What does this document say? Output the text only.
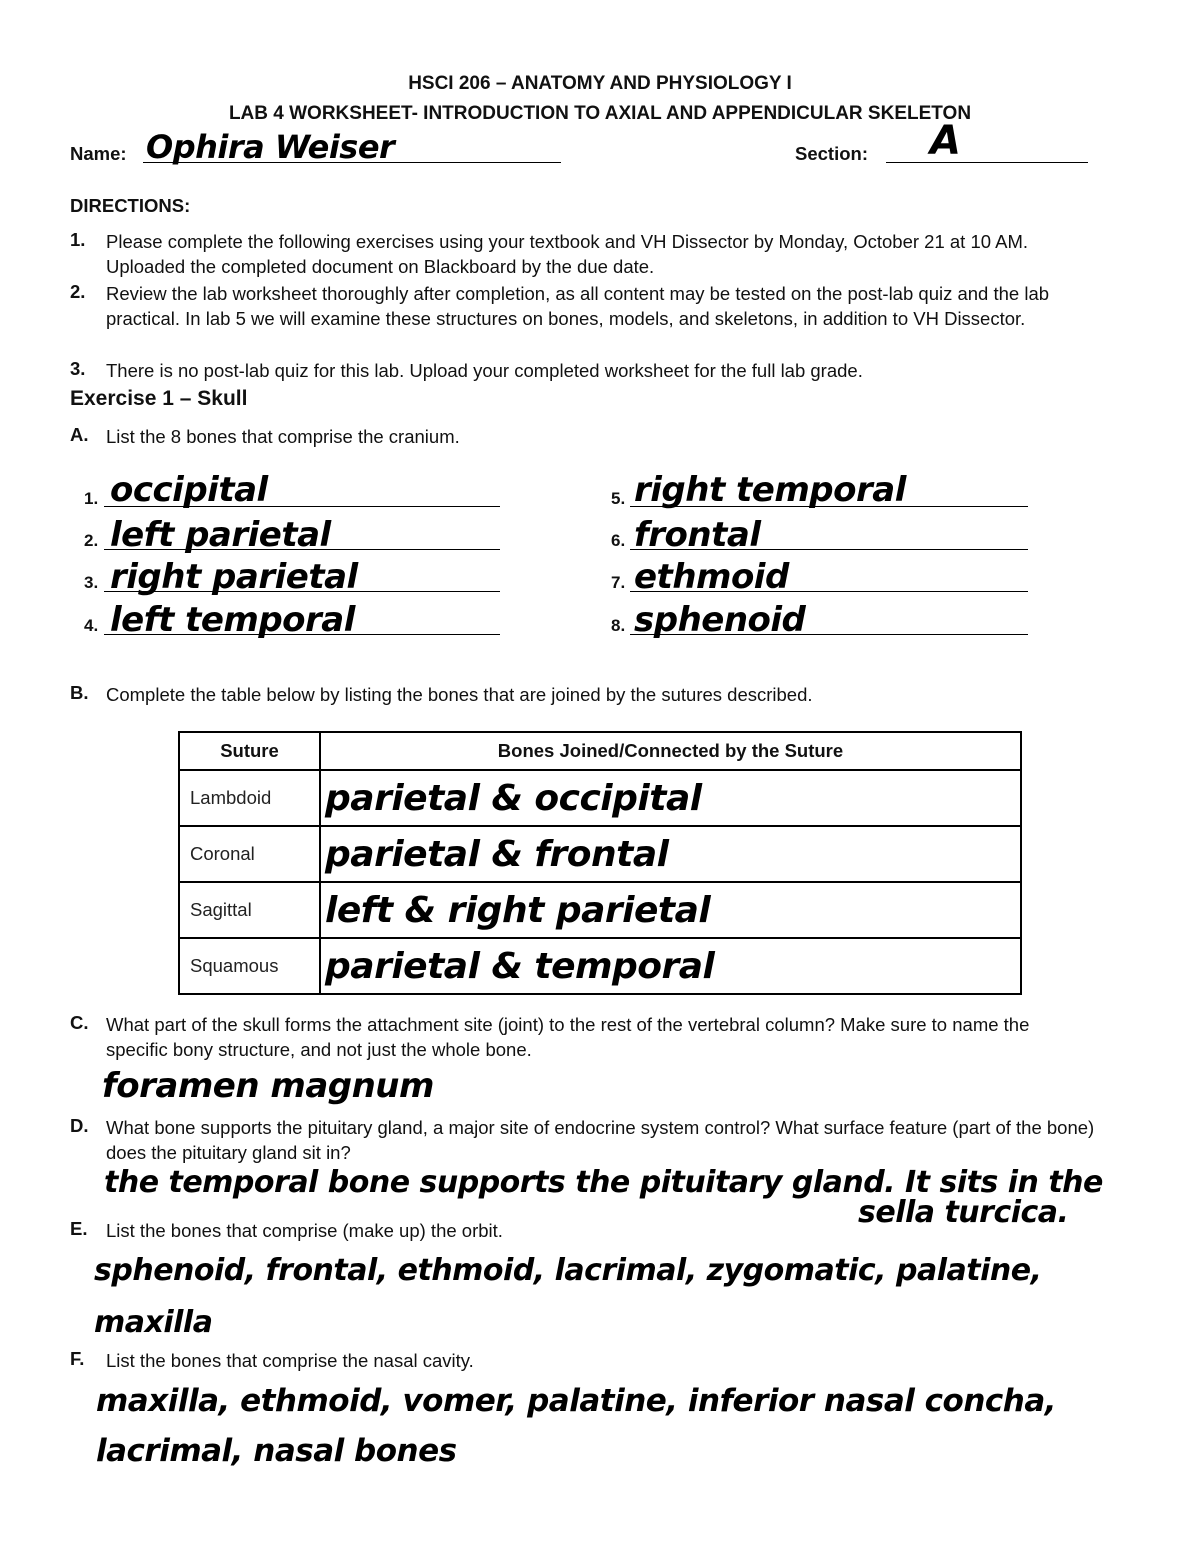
HSCI 206 – ANATOMY AND PHYSIOLOGY I
LAB 4 WORKSHEET- INTRODUCTION TO AXIAL AND APPENDICULAR SKELETON
Name: Ophira Weiser	Section: A
DIRECTIONS:
1. Please complete the following exercises using your textbook and VH Dissector by Monday, October 21 at 10 AM. Uploaded the completed document on Blackboard by the due date.
2. Review the lab worksheet thoroughly after completion, as all content may be tested on the post-lab quiz and the lab practical. In lab 5 we will examine these structures on bones, models, and skeletons, in addition to VH Dissector.
3. There is no post-lab quiz for this lab. Upload your completed worksheet for the full lab grade.
Exercise 1 – Skull
A. List the 8 bones that comprise the cranium.
1. occipital
2. left parietal
3. right parietal
4. left temporal
5. right temporal
6. frontal
7. ethmoid
8. sphenoid
B. Complete the table below by listing the bones that are joined by the sutures described.
Suture	Bones Joined/Connected by the Suture
Lambdoid	parietal & occipital
Coronal	parietal & frontal
Sagittal	left & right parietal
Squamous	parietal & temporal
C. What part of the skull forms the attachment site (joint) to the rest of the vertebral column? Make sure to name the specific bony structure, and not just the whole bone.
foramen magnum
D. What bone supports the pituitary gland, a major site of endocrine system control? What surface feature (part of the bone) does the pituitary gland sit in?
the temporal bone supports the pituitary gland. It sits in the
sella turcica.
E. List the bones that comprise (make up) the orbit.
sphenoid, frontal, ethmoid, lacrimal, zygomatic, palatine,
maxilla
F. List the bones that comprise the nasal cavity.
maxilla, ethmoid, vomer, palatine, inferior nasal concha,
lacrimal, nasal bones
